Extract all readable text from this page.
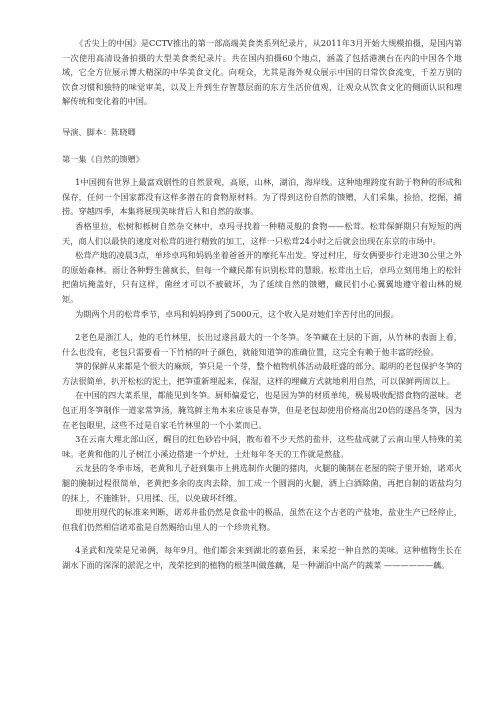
《舌尖上的中国》是CCTV推出的第一部高端美食类系列纪录片，从2011年3月开始大规模拍摄，是国内第一次使用高清设备拍摄的大型美食类纪录片。共在国内拍摄60个地点，涵盖了包括港澳台在内的中国各个地域，它全方位展示博大精深的中华美食文化。向观众，尤其是海外观众展示中国的日常饮食流变，千差万别的饮食习惯和独特的味觉审美，以及上升到生存智慧层面的东方生活价值观，让观众从饮食文化的侧面认识和理解传统和变化着的中国。

导演、脚本：陈晓卿

第一集《自然的馈赠》

1中国拥有世界上最富戏剧性的自然景观，高原，山林，湖泊，海岸线。这种地理跨度有助于物种的形成和保存，任何一个国家都没有这样多潜在的食物原材料。为了得到这份自然的馈赠，人们采集，捡拾，挖掘，捕捞。穿越四季，本集将展现美味背后人和自然的故事。

香格里拉，松树和栎树自然杂交林中，卓玛寻找着一种精灵般的食物——松茸。松茸保鲜期只有短短的两天，商人们以最快的速度对松茸的进行精致的加工，这样一只松茸24小时之后就会出现在东京的市场中。

松茸产地的凌晨3点，单珍卓玛和妈妈坐着爸爸开的摩托车出发。穿过村庄，母女俩要步行走进30公里之外的原始森林。雨让各种野生菌疯长，但每一个藏民都有识别松茸的慧眼。松茸出土后，卓玛立刻用地上的松针把菌坑掩盖好，只有这样，菌丝才可以不被破坏，为了延续自然的馈赠，藏民们小心翼翼地遵守着山林的规矩。

为期两个月的松茸季节，卓玛和妈妈挣到了5000元，这个收入是对她们辛苦付出的回报。

2老色是浙江人，他的毛竹林里，长出过遂昌最大的一个冬笋。冬笋藏在土层的下面，从竹林的表面上看，什么也没有，老包只需要看一下竹梢的叶子颜色，就能知道笋的准确位置，这完全有赖于他丰富的经验。

笋的保鲜从来都是个很大的麻烦，笋只是一个芽，整个植物机体活动最旺盛的部分。聪明的老包保护冬笋的方法很简单，扒开松松的泥土，把笋重新埋起来，保湿，这样的埋藏方式就地利用自然，可以保鲜两周以上。

在中国的四大菜系里，都能见到冬笋。厨师偏爱它，也是因为笋的材质单纯，极易吸收配搭食物的滋味。老包正用冬笋制作一道家常笋汤，腌笃鲜主角本来应该是春笋，但是老包却使用价格高出20倍的遂昌冬笋，因为在老包眼里，这些不过是自家毛竹林里的一个小菜而已。

3在云南大理北部山区，醒目的红色砂岩中间，散布着不少天然的盐井，这些盐成就了云南山里人特殊的美味。老黄和他的儿子树江小溪边搭建一个炉灶，土灶每年冬天的工作就是熬盐。

云龙县的冬季市场，老黄和儿子赶到集市上挑选制作火腿的猪肉，火腿的腌制在老屋的院子里开始，诺邓火腿的腌制过程很简单，老黄把多余的皮肉去除，加工成一个圆润的火腿，洒上白酒除菌，再把自制的诺盐均匀的抹上，不施锥针，只用揉、压，以免破坏纤维。

即使用现代的标准来判断，诺邓井盐仍然是食盐中的极品，虽然在这个古老的产盐地，盐业生产已经停止，但我们仍然相信诺邓盐是自然赐给山里人的一个珍贵礼物。

4圣武和茂荣是兄弟俩，每年9月，他们都会来到湖北的嘉鱼县，来采挖一种自然的美味。这种植物生长在湖水下面的深深的淤泥之中，茂荣挖到的植物的根茎叫做莲藕，是一种湖泊中高产的蔬菜 ——————藕。
